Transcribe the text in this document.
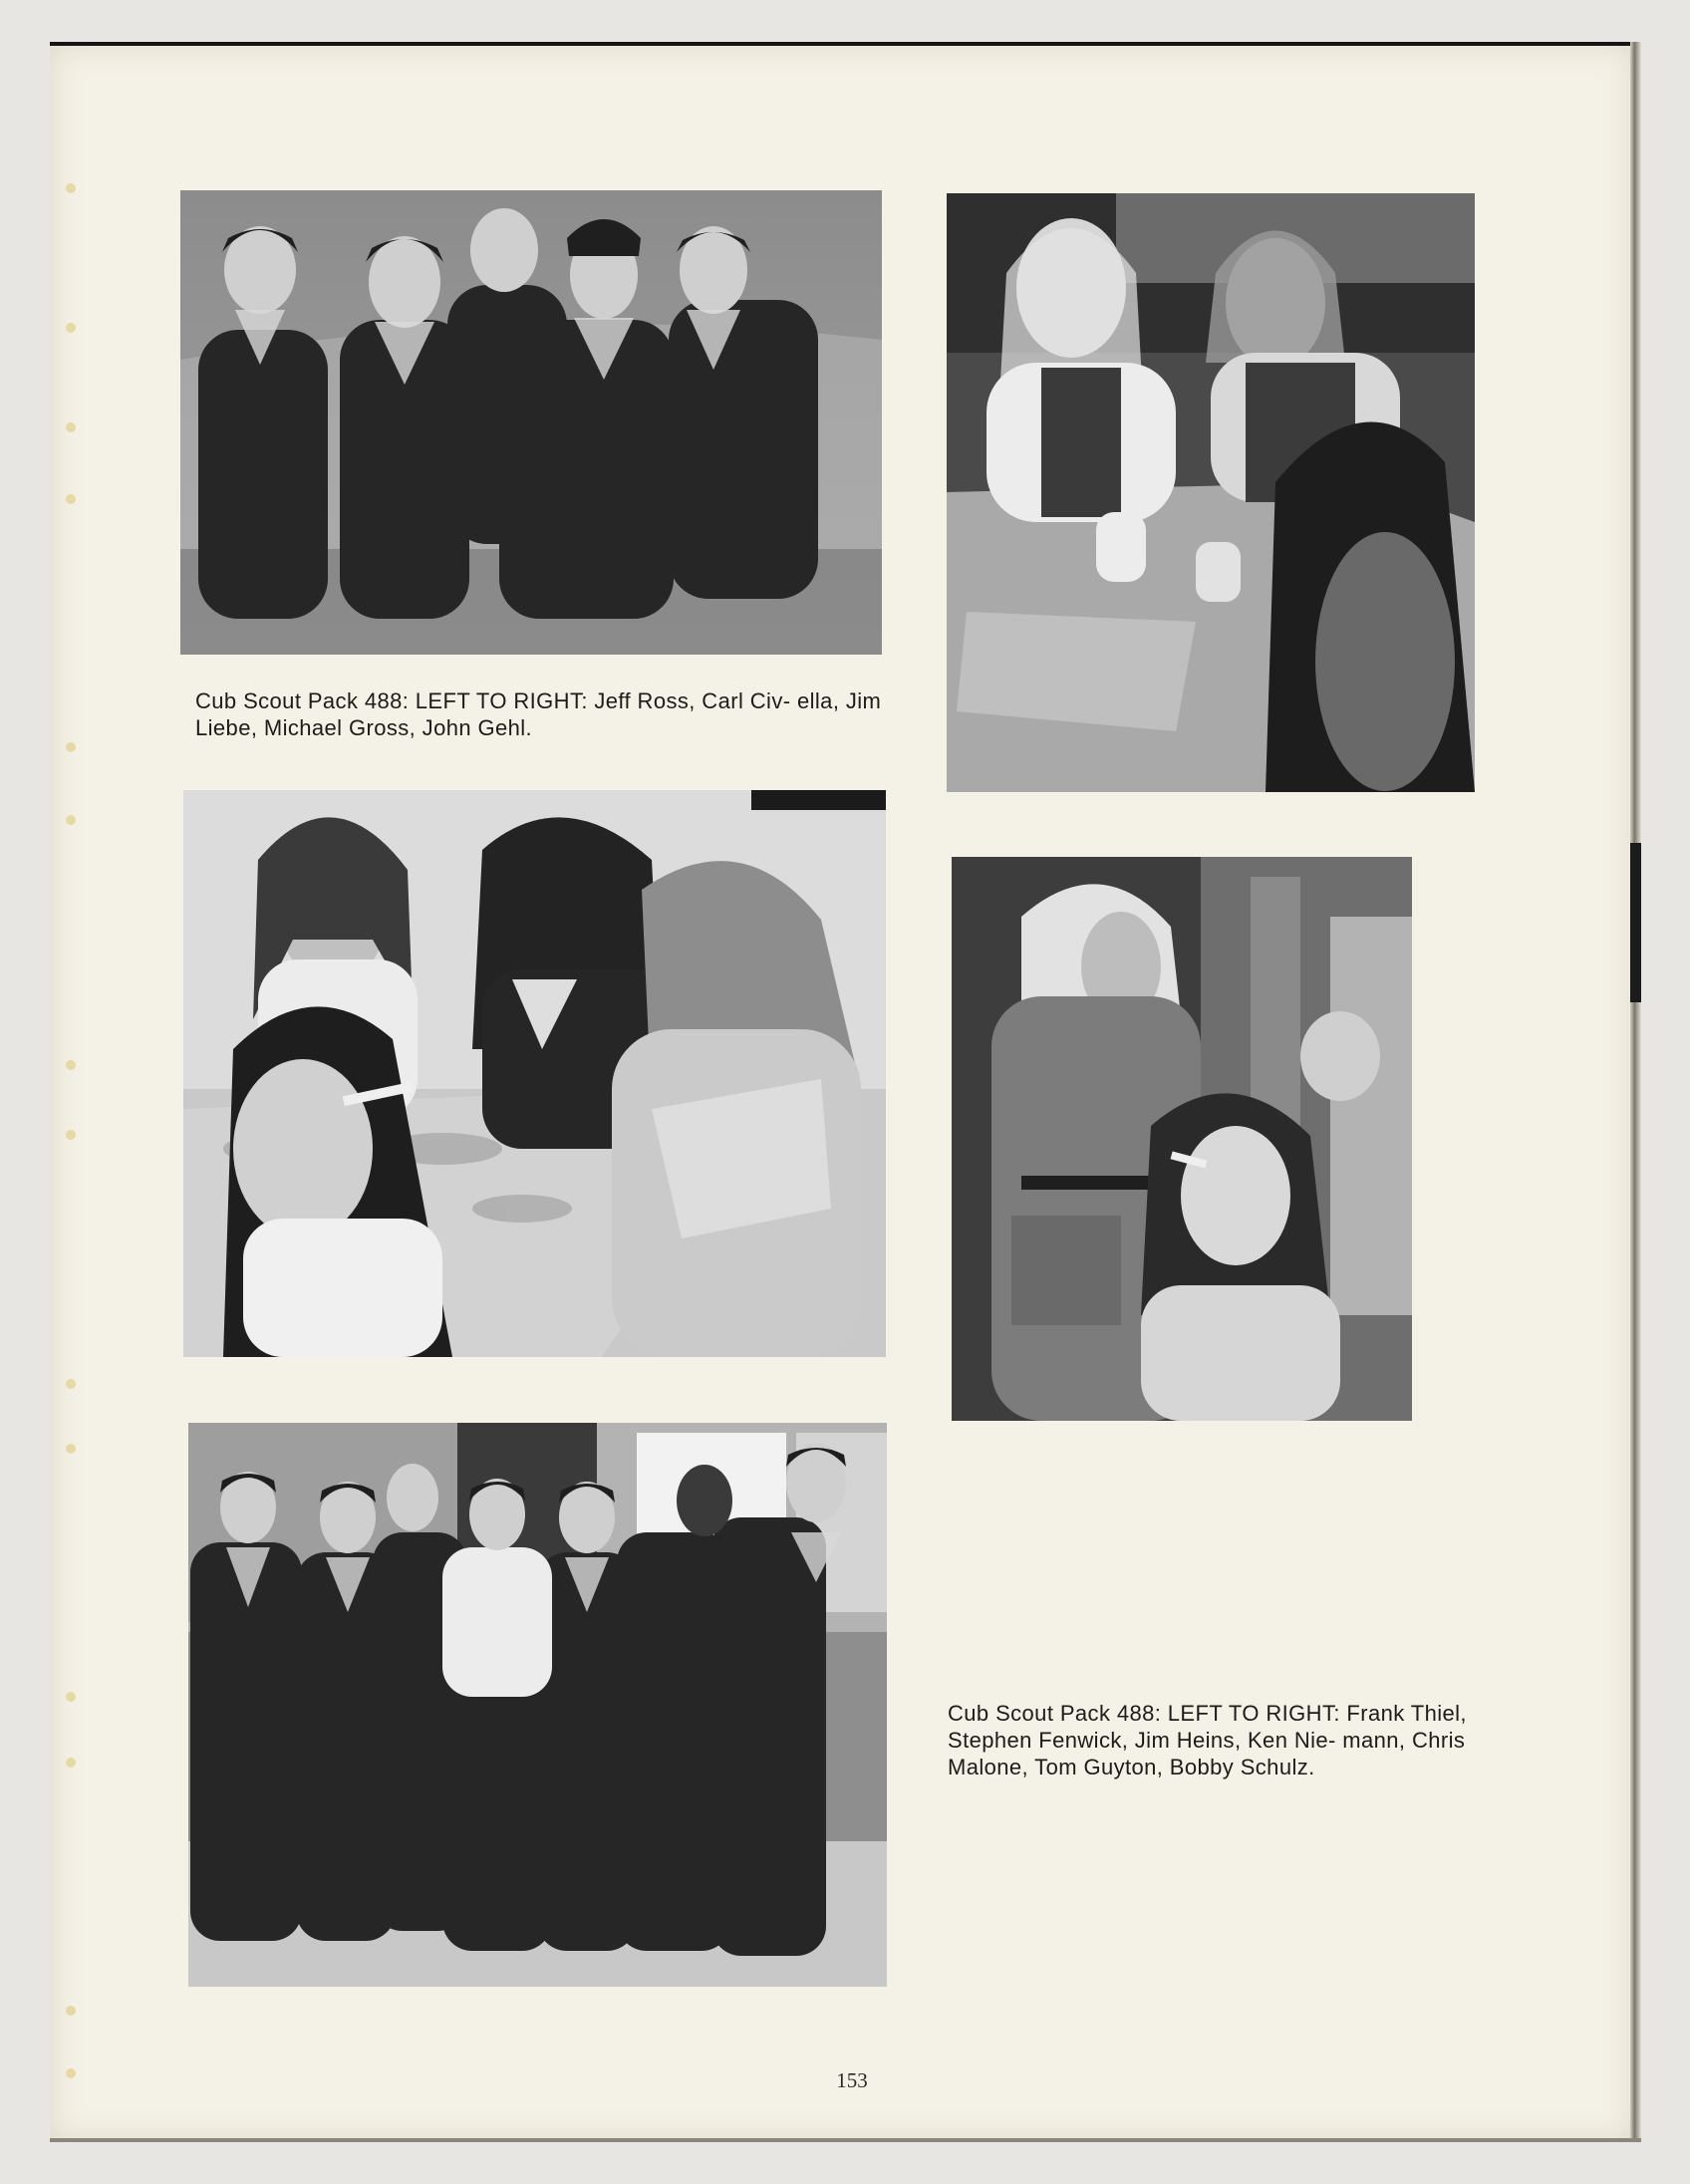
Cub Scout Pack 488: LEFT TO RIGHT: Jeff Ross, Carl Civ- ella, Jim Liebe, Michael Gross, John Gehl.

Cub Scout Pack 488: LEFT TO RIGHT: Frank Thiel, Stephen Fenwick, Jim Heins, Ken Nie- mann, Chris Malone, Tom Guyton, Bobby Schulz.

153
